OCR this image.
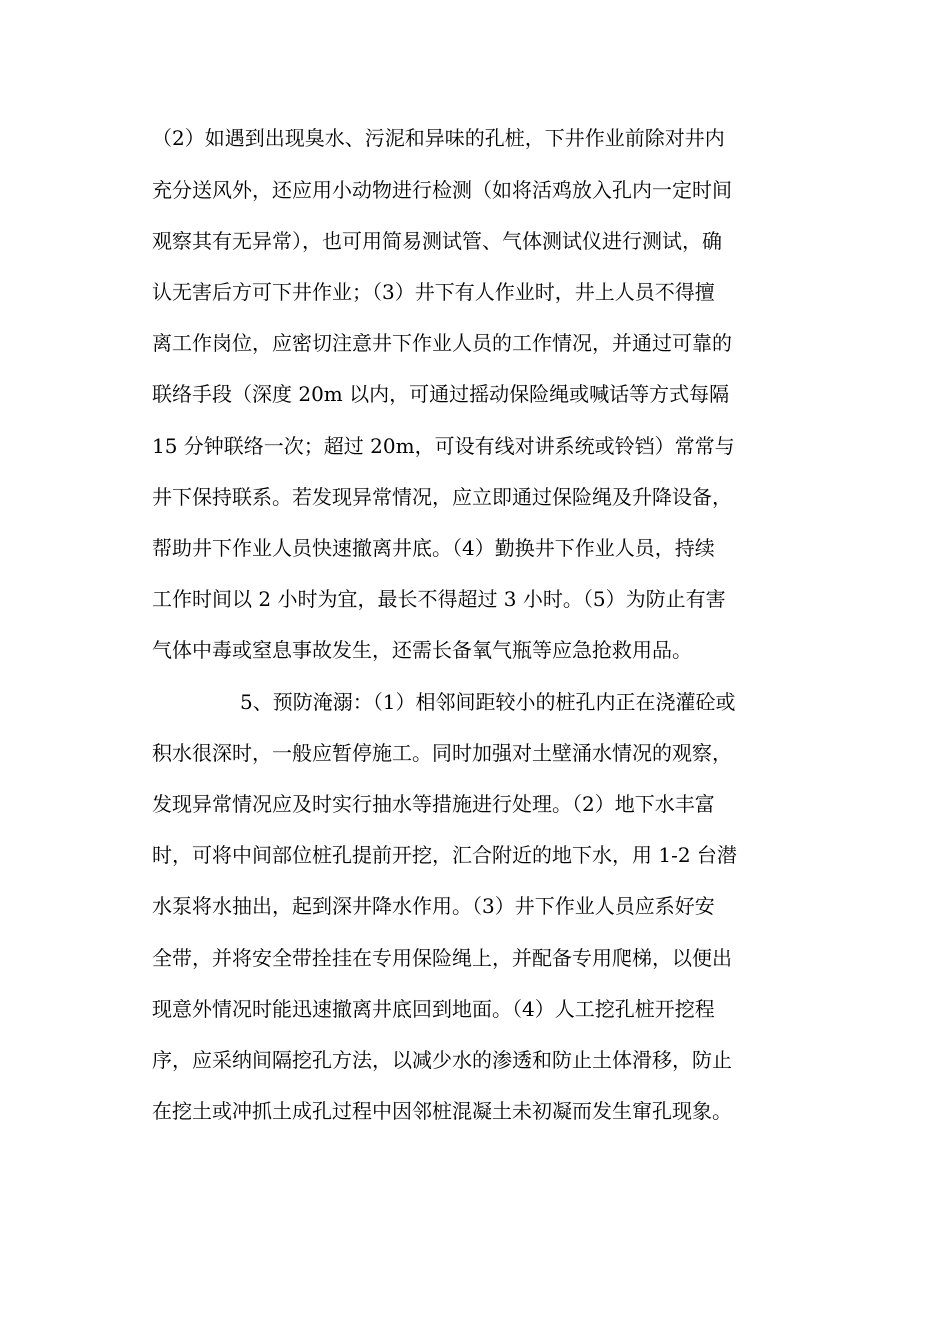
（2）如遇到出现臭水、污泥和异味的孔桩，下井作业前除对井内
充分送风外，还应用小动物进行检测（如将活鸡放入孔内一定时间
观察其有无异常），也可用简易测试管、气体测试仪进行测试，确
认无害后方可下井作业；（3）井下有人作业时，井上人员不得擅
离工作岗位，应密切注意井下作业人员的工作情况，并通过可靠的
联络手段（深度 20m 以内，可通过摇动保险绳或喊话等方式每隔
15 分钟联络一次；超过 20m，可设有线对讲系统或铃铛）常常与
井下保持联系。若发现异常情况，应立即通过保险绳及升降设备，
帮助井下作业人员快速撤离井底。（4）勤换井下作业人员，持续
工作时间以 2 小时为宜，最长不得超过 3 小时。（5）为防止有害
气体中毒或窒息事故发生，还需长备氧气瓶等应急抢救用品。
5、预防淹溺：（1）相邻间距较小的桩孔内正在浇灌砼或
积水很深时，一般应暂停施工。同时加强对土壁涌水情况的观察，
发现异常情况应及时实行抽水等措施进行处理。（2）地下水丰富
时，可将中间部位桩孔提前开挖，汇合附近的地下水，用 1-2 台潜
水泵将水抽出，起到深井降水作用。（3）井下作业人员应系好安
全带，并将安全带拴挂在专用保险绳上，并配备专用爬梯，以便出
现意外情况时能迅速撤离井底回到地面。（4）人工挖孔桩开挖程
序，应采纳间隔挖孔方法，以减少水的渗透和防止土体滑移，防止
在挖土或冲抓土成孔过程中因邻桩混凝土未初凝而发生窜孔现象。
